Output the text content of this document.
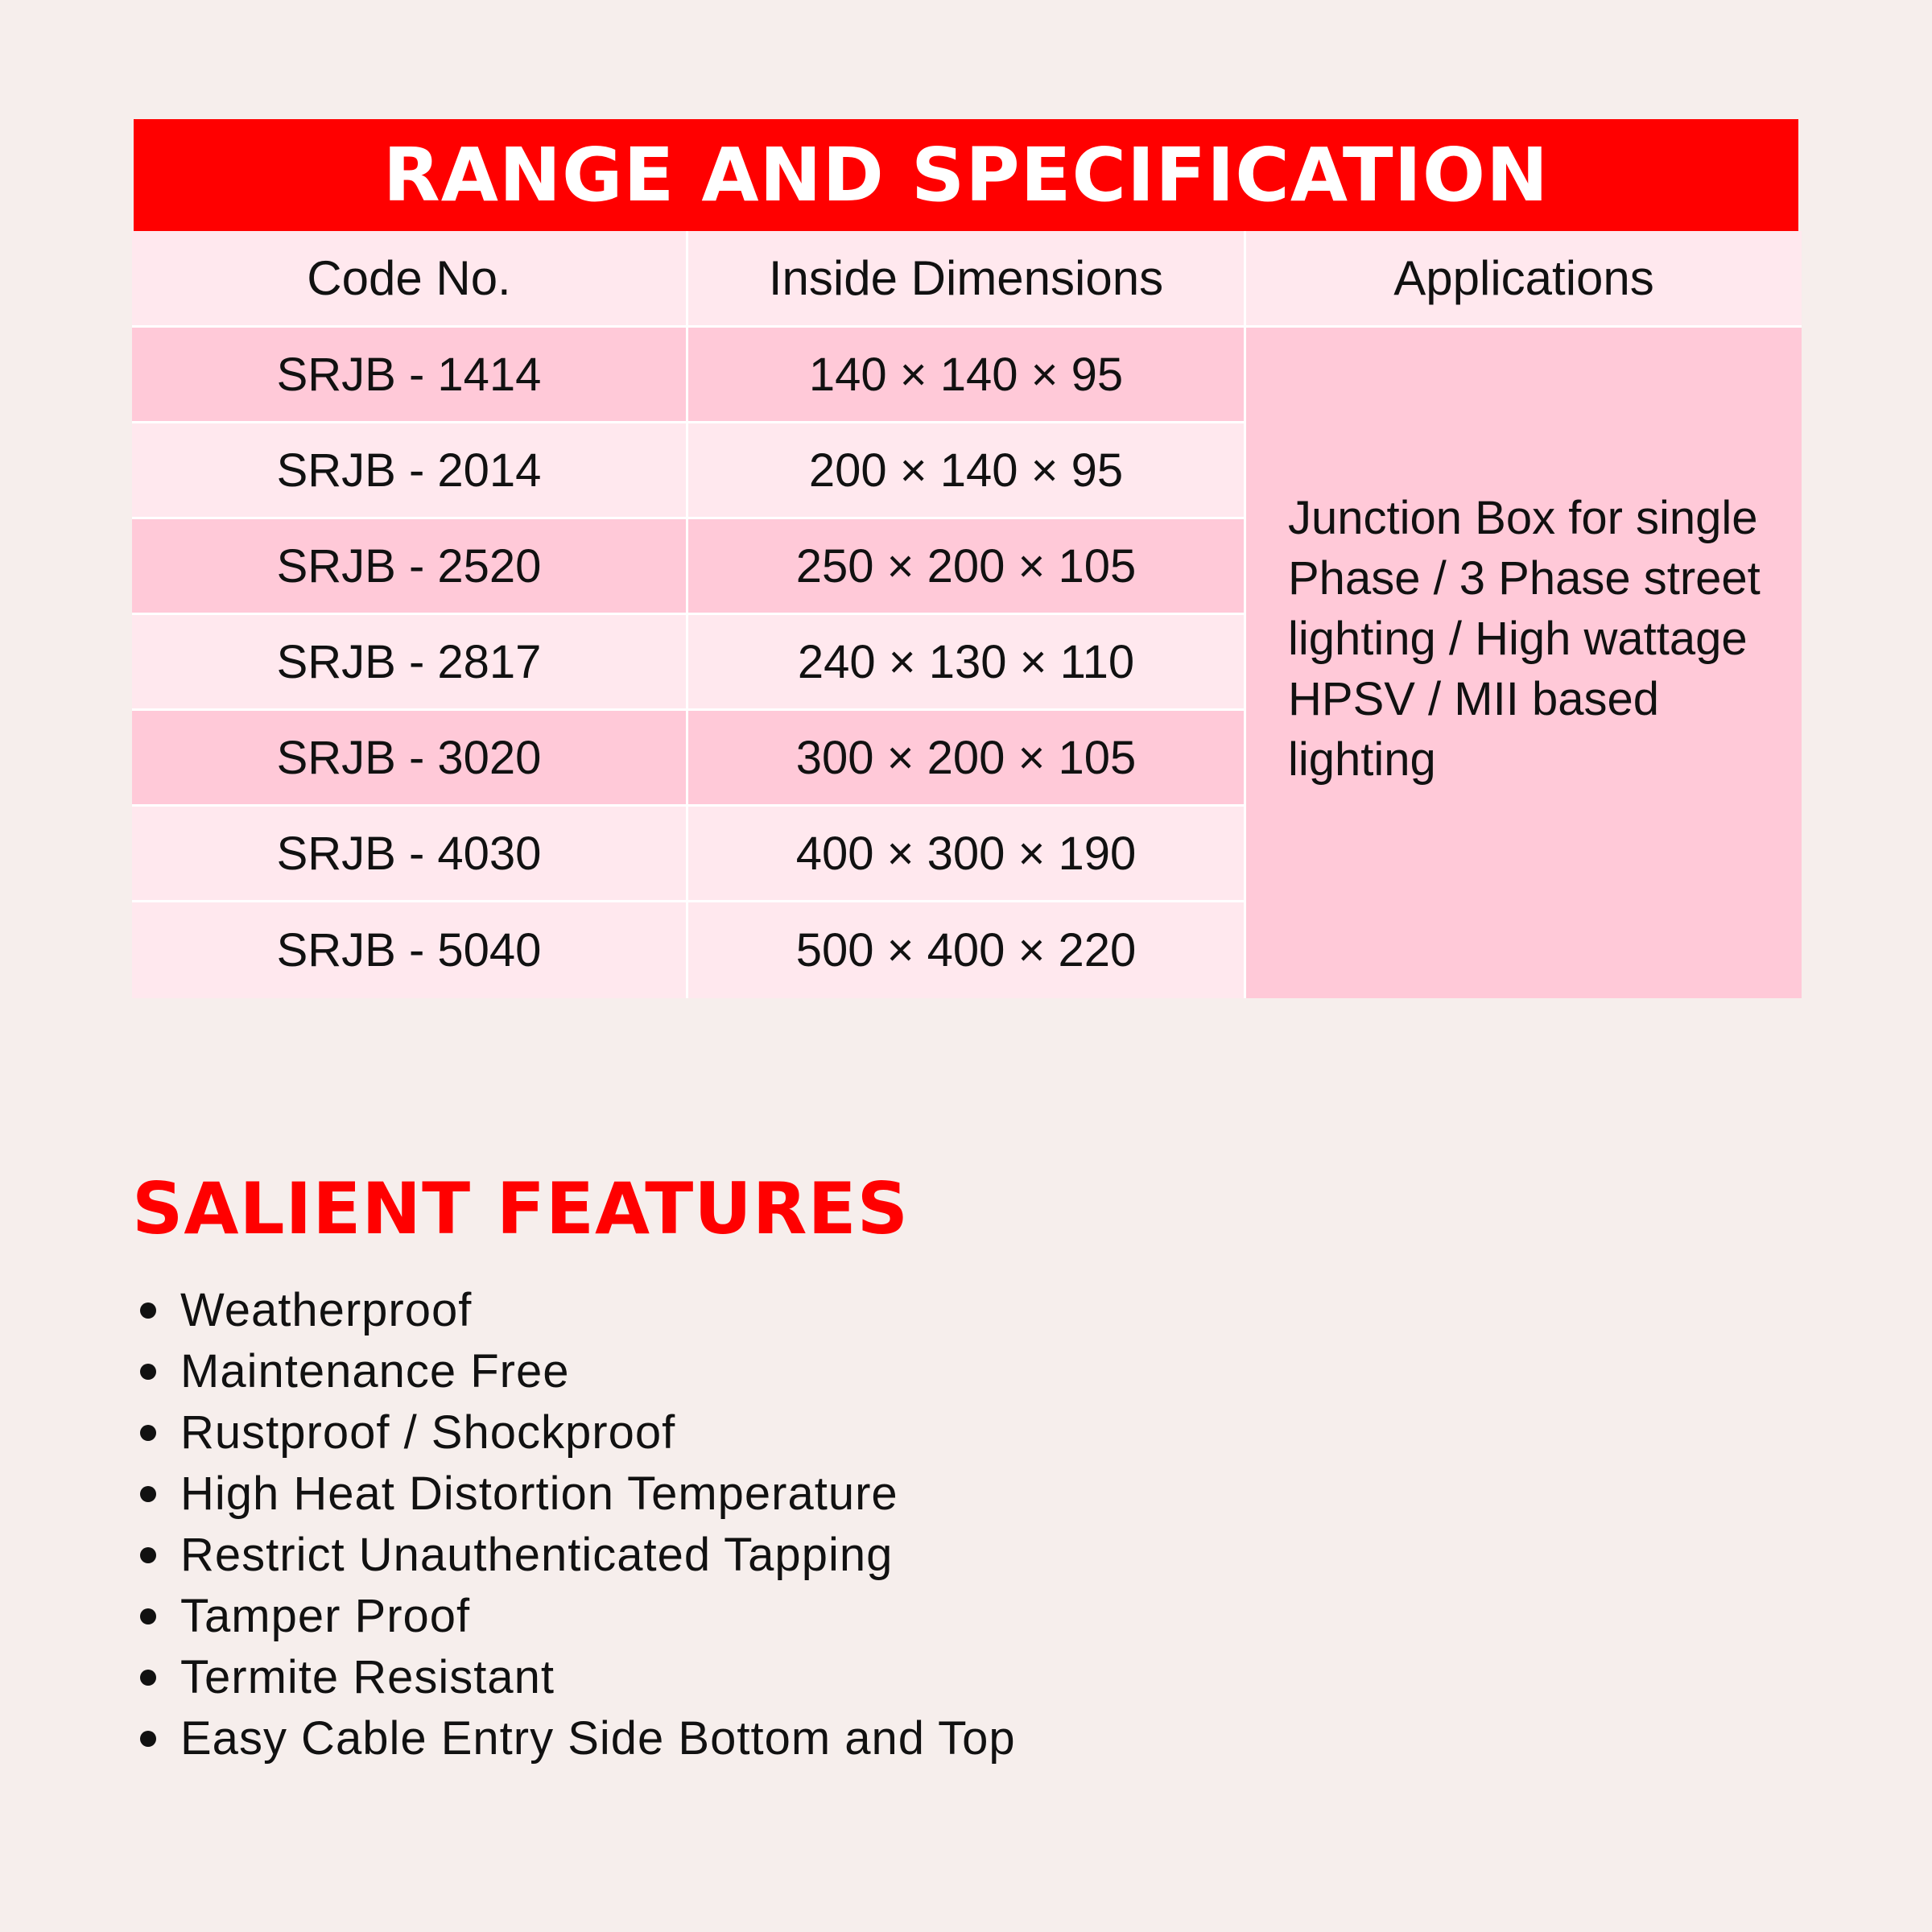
RANGE AND SPECIFICATION
Code No.	Inside Dimensions	Applications
SRJB - 1414	140 × 140 × 95
SRJB - 2014	200 × 140 × 95
SRJB - 2520	250 × 200 × 105
SRJB - 2817	240 × 130 × 110
SRJB - 3020	300 × 200 × 105
SRJB - 4030	400 × 300 × 190
SRJB - 5040	500 × 400 × 220
Junction Box for single Phase / 3 Phase street lighting / High wattage HPSV / MII based lighting
SALIENT FEATURES
Weatherproof
Maintenance Free
Rustproof / Shockproof
High Heat Distortion Temperature
Restrict Unauthenticated Tapping
Tamper Proof
Termite Resistant
Easy Cable Entry Side Bottom and Top
